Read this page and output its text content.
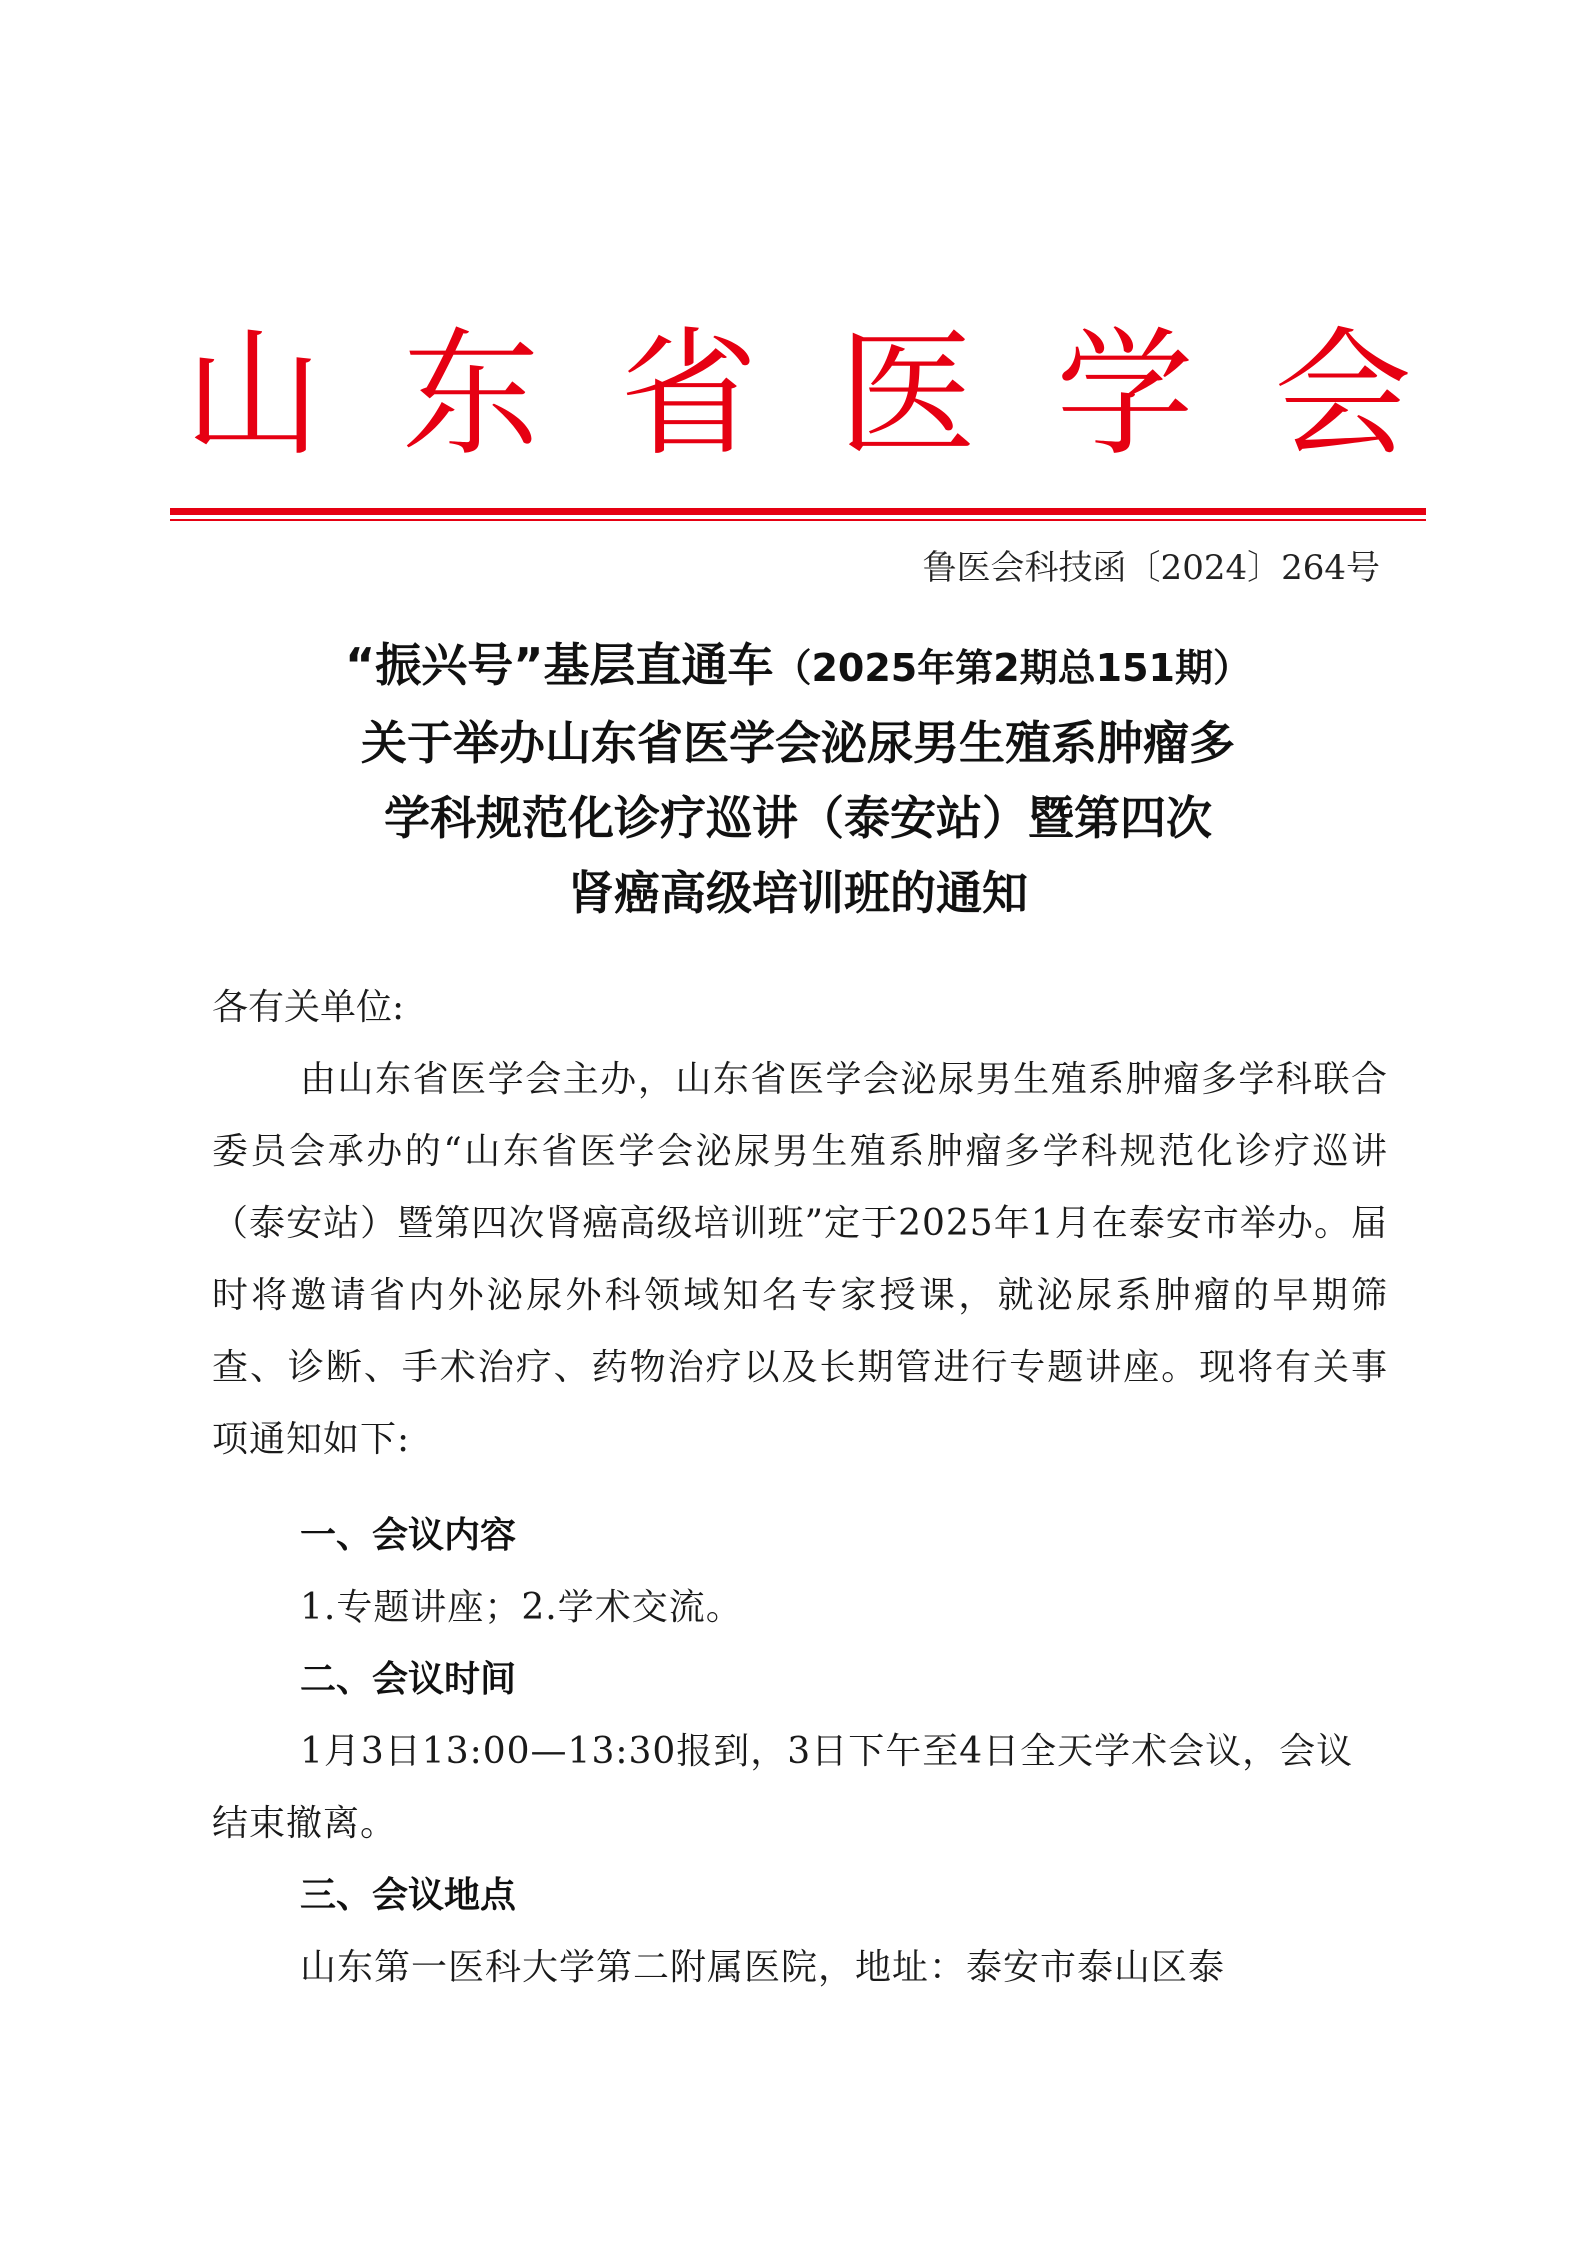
山 东 省 医 学 会
鲁医会科技函〔2024〕264号
“振兴号”基层直通车（2025年第2期总151期）
关于举办山东省医学会泌尿男生殖系肿瘤多
学科规范化诊疗巡讲（泰安站）暨第四次
肾癌高级培训班的通知
各有关单位:
由山东省医学会主办，山东省医学会泌尿男生殖系肿瘤多学科联合委员会承办的“山东省医学会泌尿男生殖系肿瘤多学科规范化诊疗巡讲（泰安站）暨第四次肾癌高级培训班”定于2025年1月在泰安市举办。届时将邀请省内外泌尿外科领域知名专家授课，就泌尿系肿瘤的早期筛查、诊断、手术治疗、药物治疗以及长期管进行专题讲座。现将有关事项通知如下:
一、会议内容
1.专题讲座；2.学术交流。
二、会议时间
1月3日13:00—13:30报到，3日下午至4日全天学术会议，会议结束撤离。
三、会议地点
山东第一医科大学第二附属医院，地址：泰安市泰山区泰
